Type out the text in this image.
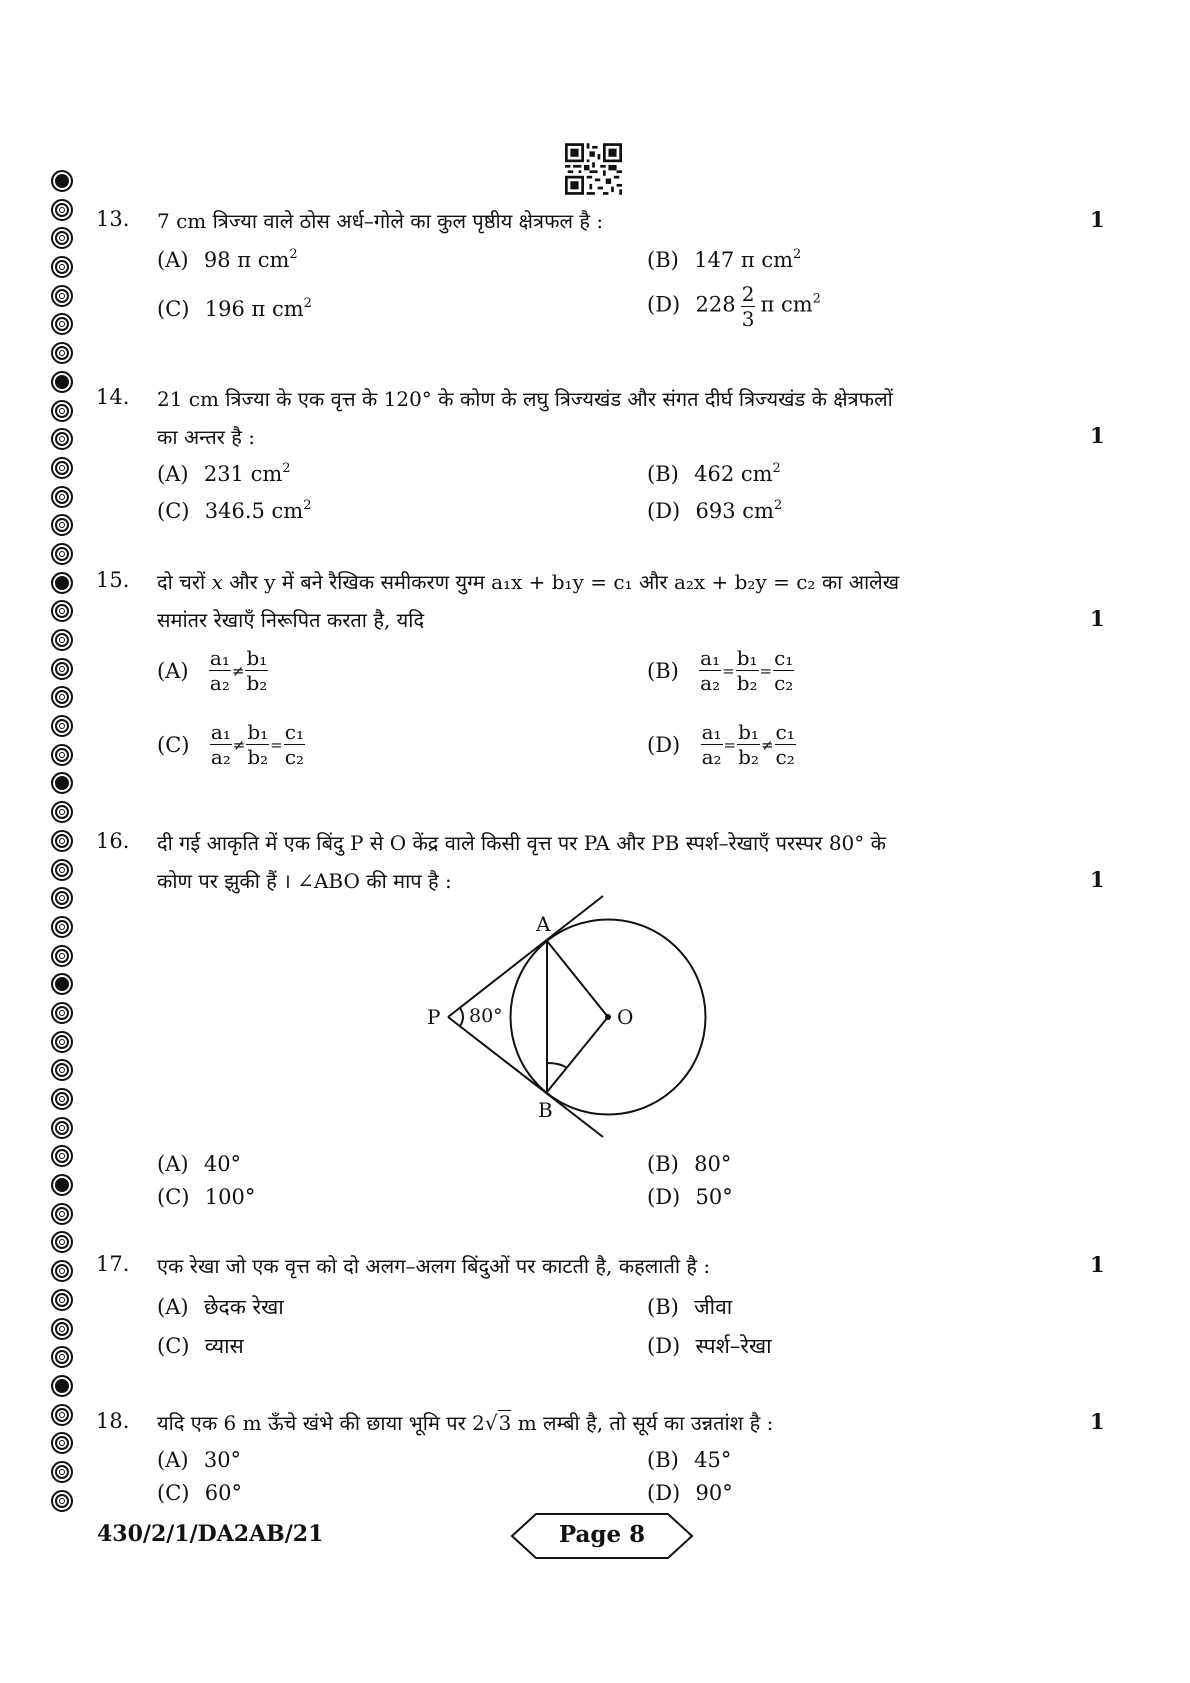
13. 7 cm त्रिज्या वाले ठोस अर्ध–गोले का कुल पृष्ठीय क्षेत्रफल है :	1
(A) 98 π $cm^2$	(B) 147 π $cm^2$
(C) 196 π $cm^2$	(D) $228 \frac{2}{3}$ π $cm^2$
14. 21 cm त्रिज्या के एक वृत्त के 120° के कोण के लघु त्रिज्यखंड और संगत दीर्घ त्रिज्यखंड के क्षेत्रफलों
का अन्तर है :	1
(A) 231 $cm^2$	(B) 462 $cm^2$
(C) 346.5 $cm^2$	(D) 693 $cm^2$
15. दो चरों x और y में बने रैखिक समीकरण युग्म a₁x + b₁y = c₁ और a₂x + b₂y = c₂ का आलेख
समांतर रेखाएँ निरूपित करता है, यदि	1
$(A) \frac{\text{a₁}}{\text{a₂}} \ne \frac{\text{b₁}}{\text{b₂}}$	$(B) \frac{\text{a₁}}{\text{a₂}} = \frac{\text{b₁}}{\text{b₂}} = \frac{\text{c₁}}{\text{c₂}}$
$(C) \frac{\text{a₁}}{\text{a₂}} \ne \frac{\text{b₁}}{\text{b₂}} = \frac{\text{c₁}}{\text{c₂}}$	$(D) \frac{\text{a₁}}{\text{a₂}} = \frac{\text{b₁}}{\text{b₂}} \ne \frac{\text{c₁}}{\text{c₂}}$
16. दी गई आकृति में एक बिंदु P से O केंद्र वाले किसी वृत्त पर PA और PB स्पर्श–रेखाएँ परस्पर 80° के
कोण पर झुकी हैं । ∠ABO की माप है :	1
A
B
P	O
80°
(A) 40°	(B) 80°
(C) 100°	(D) 50°
17. एक रेखा जो एक वृत्त को दो अलग–अलग बिंदुओं पर काटती है, कहलाती है :	1
(A) छेदक रेखा	(B) जीवा
(C) व्यास	(D) स्पर्श–रेखा
18. यदि एक 6 m ऊँचे खंभे की छाया भूमि पर 2√3 m लम्बी है, तो सूर्य का उन्नतांश है :	1
(A) 30°	(B) 45°
(C) 60°	(D) 90°
430/2/1/DA2AB/21	Page 8
